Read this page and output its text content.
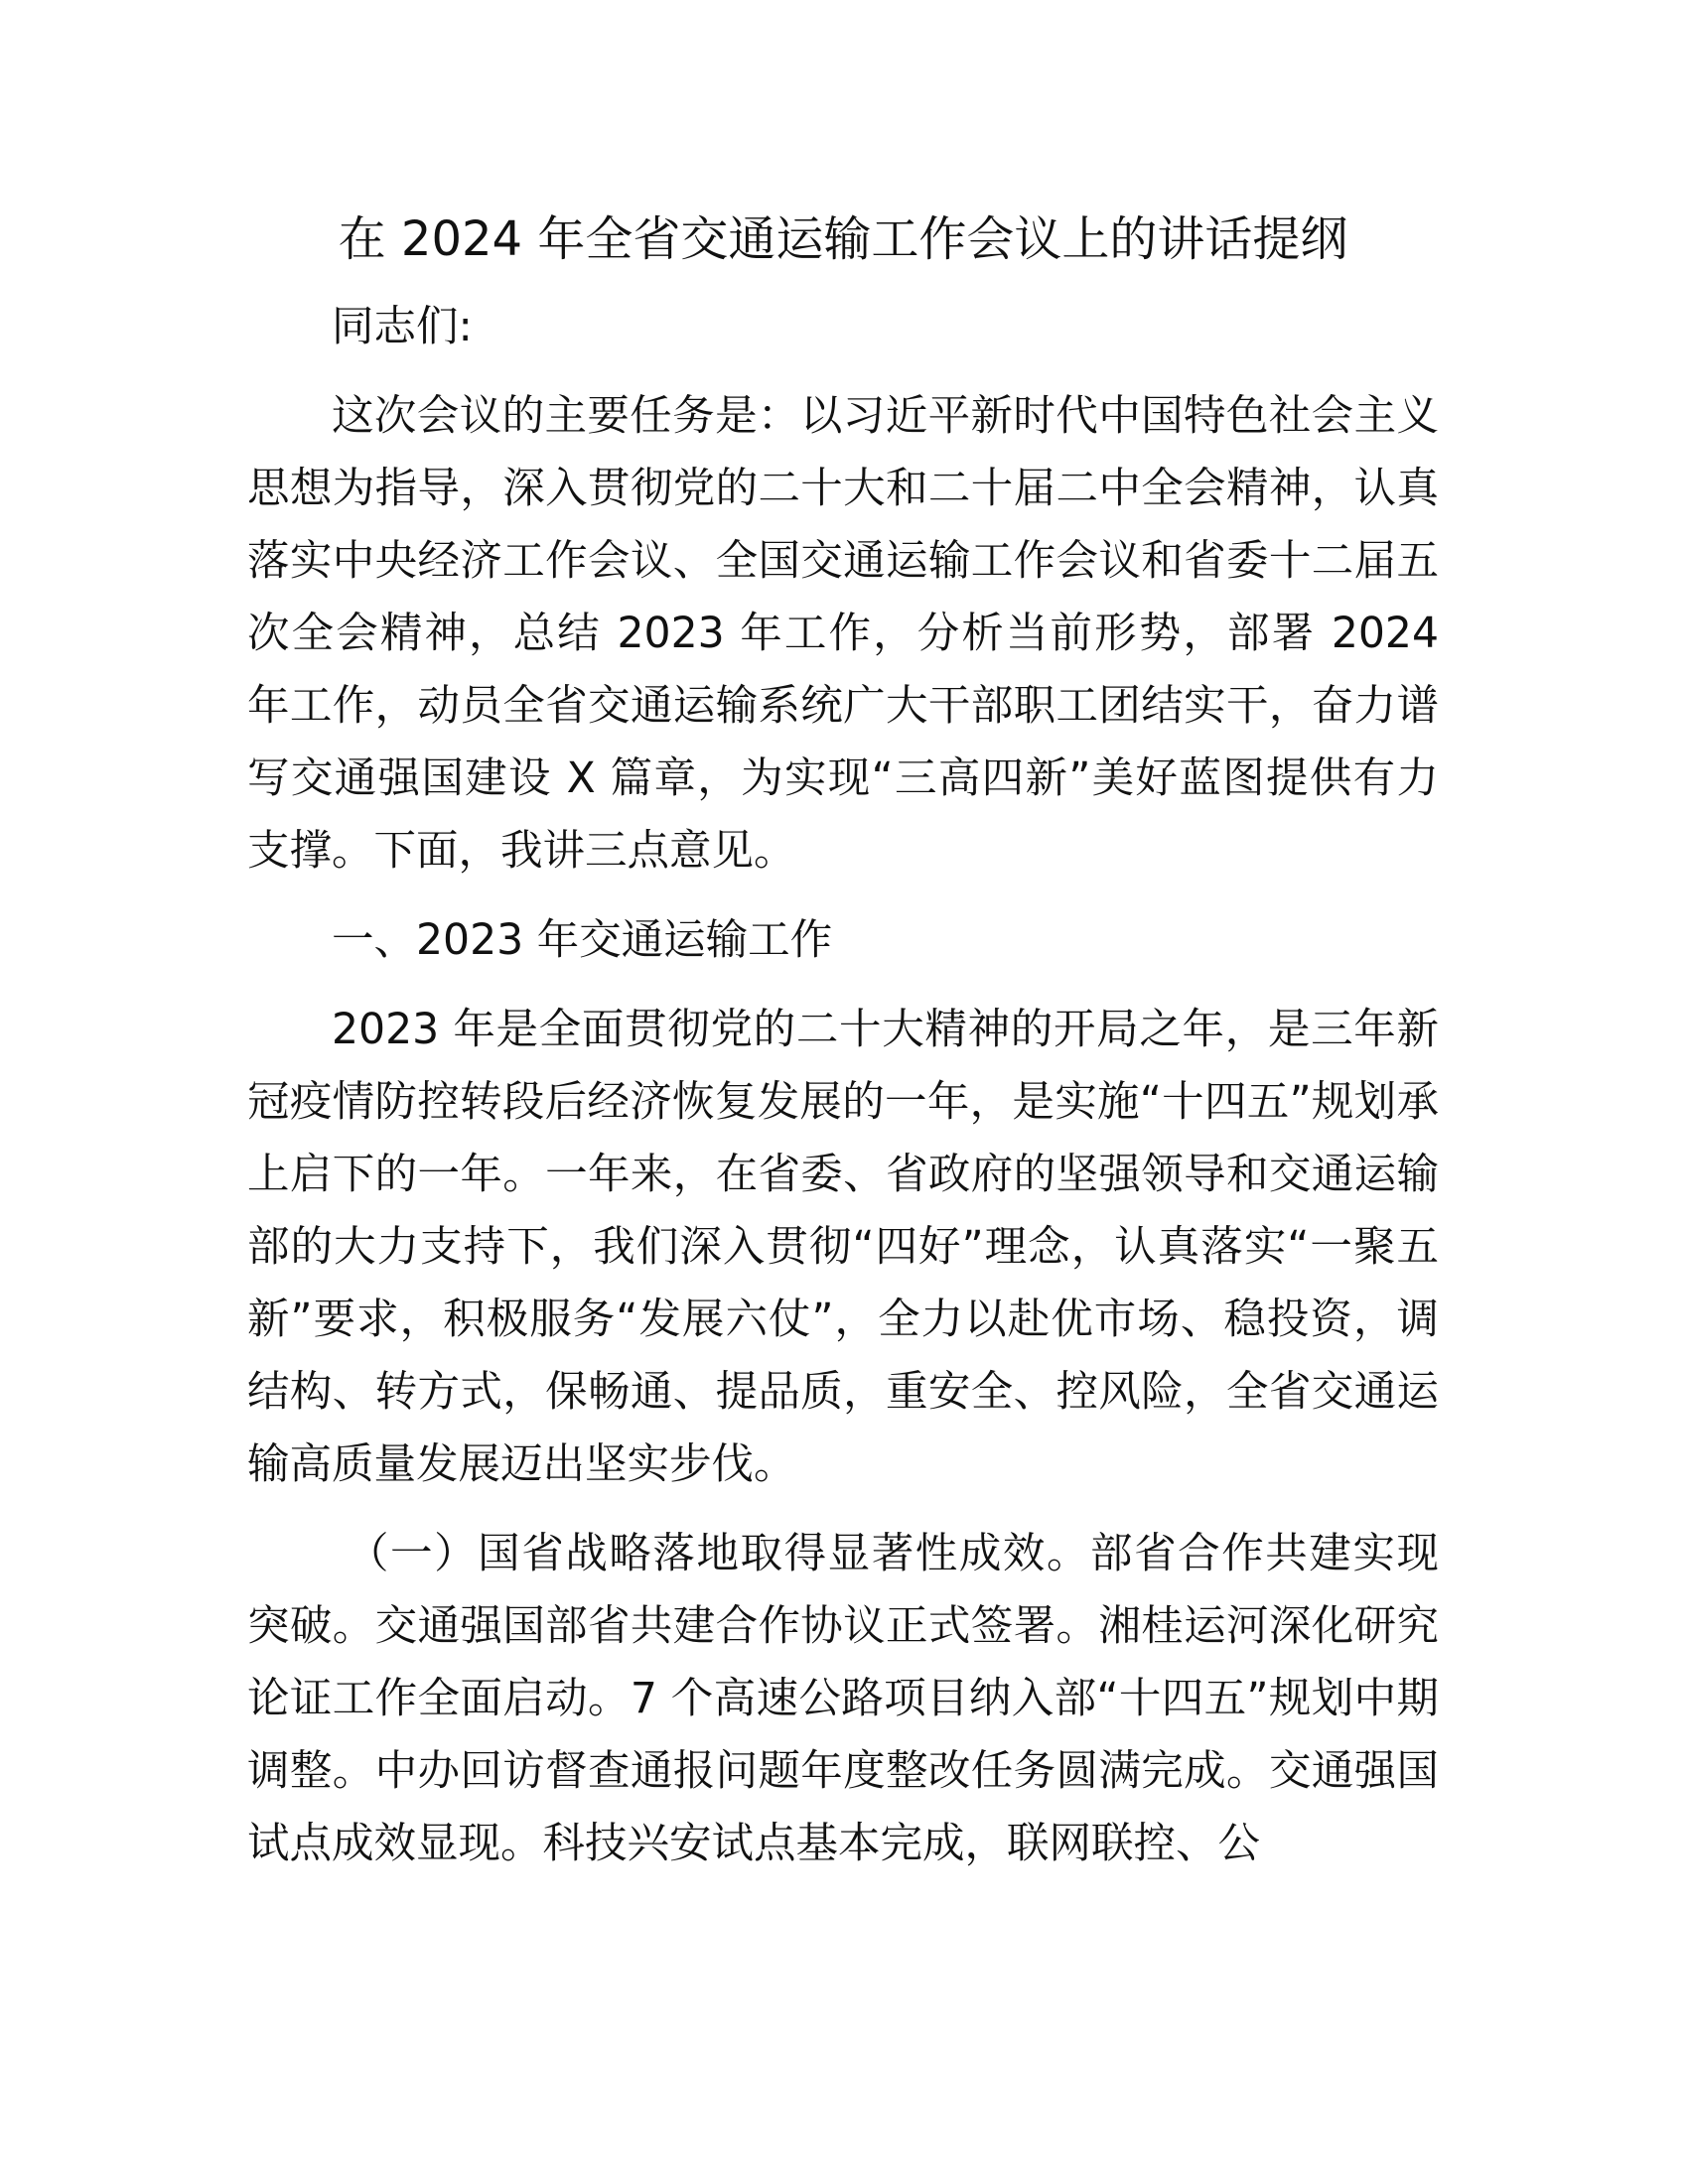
在 2024 年全省交通运输工作会议上的讲话提纲

同志们:

这次会议的主要任务是：以习近平新时代中国特色社会主义思想为指导，深入贯彻党的二十大和二十届二中全会精神，认真落实中央经济工作会议、全国交通运输工作会议和省委十二届五次全会精神，总结 2023 年工作，分析当前形势，部署 2024 年工作，动员全省交通运输系统广大干部职工团结实干，奋力谱写交通强国建设 X 篇章，为实现“三高四新”美好蓝图提供有力支撑。下面，我讲三点意见。

一、2023 年交通运输工作

2023 年是全面贯彻党的二十大精神的开局之年，是三年新冠疫情防控转段后经济恢复发展的一年，是实施“十四五”规划承上启下的一年。一年来，在省委、省政府的坚强领导和交通运输部的大力支持下，我们深入贯彻“四好”理念，认真落实“一聚五新”要求，积极服务“发展六仗”，全力以赴优市场、稳投资，调结构、转方式，保畅通、提品质，重安全、控风险，全省交通运输高质量发展迈出坚实步伐。

（一）国省战略落地取得显著性成效。部省合作共建实现突破。交通强国部省共建合作协议正式签署。湘桂运河深化研究论证工作全面启动。7 个高速公路项目纳入部“十四五”规划中期调整。中办回访督查通报问题年度整改任务圆满完成。交通强国试点成效显现。科技兴安试点基本完成，联网联控、公
